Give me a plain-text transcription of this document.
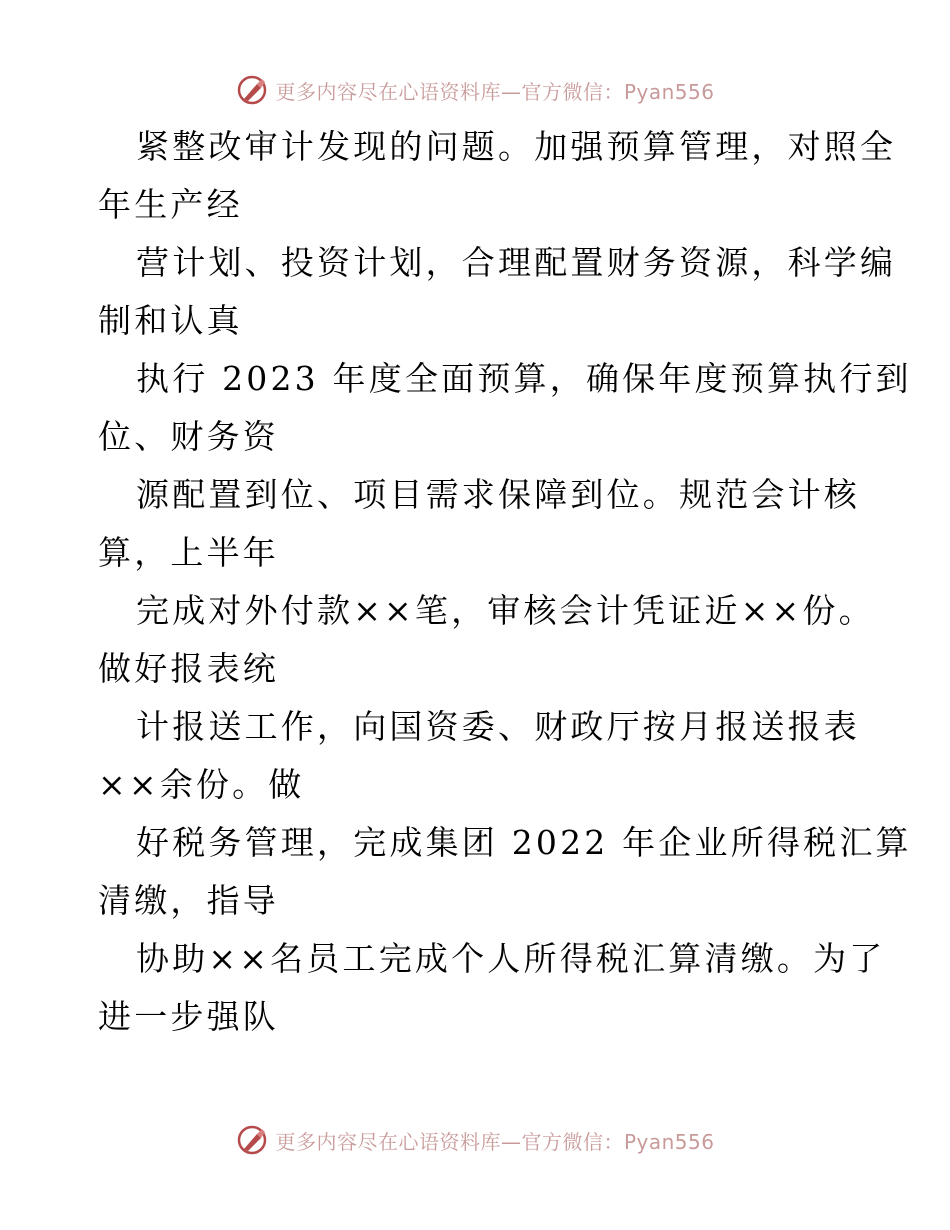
更多内容尽在心语资料库—官方微信：Pyan556
紧整改审计发现的问题。加强预算管理，对照全
年生产经
营计划、投资计划，合理配置财务资源，科学编
制和认真
执行 2023 年度全面预算，确保年度预算执行到
位、财务资
源配置到位、项目需求保障到位。规范会计核
算，上半年
完成对外付款××笔，审核会计凭证近××份。
做好报表统
计报送工作，向国资委、财政厅按月报送报表
××余份。做
好税务管理，完成集团 2022 年企业所得税汇算
清缴，指导
协助××名员工完成个人所得税汇算清缴。为了
进一步强队
更多内容尽在心语资料库—官方微信：Pyan556
